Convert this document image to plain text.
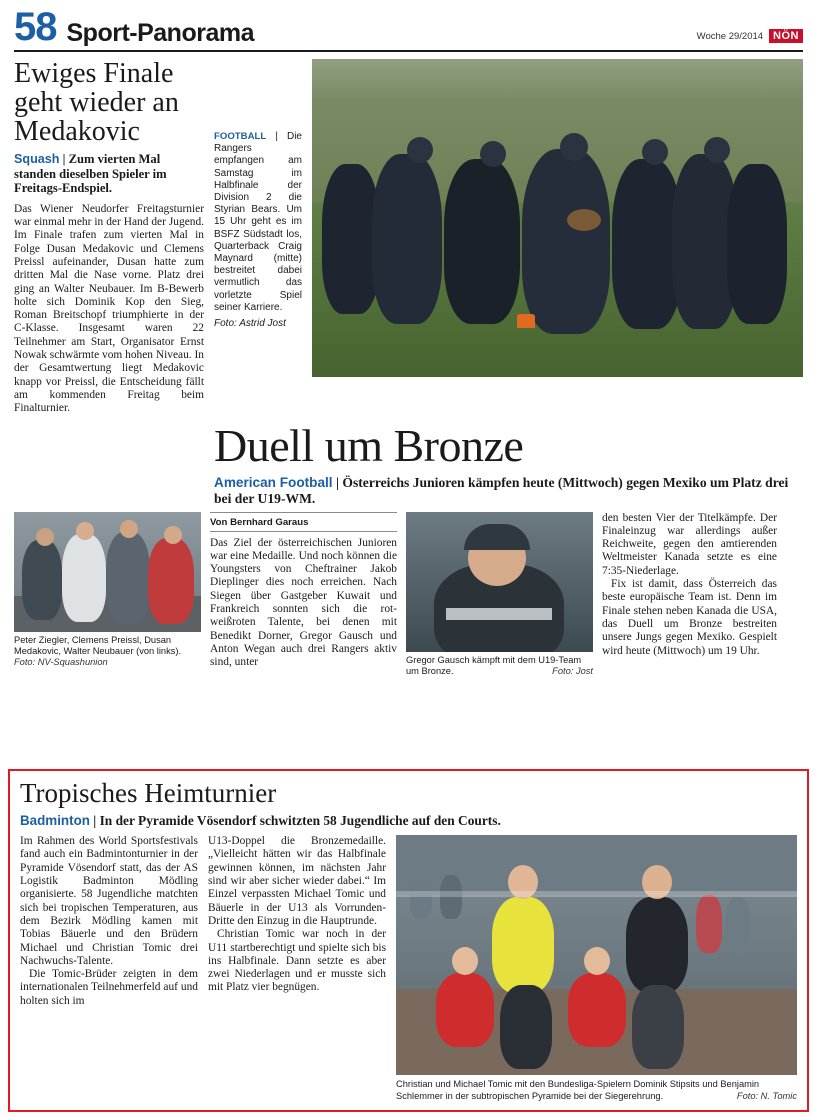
58 Sport-Panorama	Woche 29/2014 NÖN
Ewiges Finale geht wieder an Medakovic

Squash | Zum vierten Mal standen dieselben Spieler im Freitags-Endspiel.

Das Wiener Neudorfer Freitagsturnier war einmal mehr in der Hand der Jugend. Im Finale trafen zum vierten Mal in Folge Dusan Medakovic und Clemens Preissl aufeinander, Dusan hatte zum dritten Mal die Nase vorne. Platz drei ging an Walter Neubauer. Im B-Bewerb holte sich Dominik Kop den Sieg, Roman Breitschopf triumphierte in der C-Klasse. Insgesamt waren 22 Teilnehmer am Start, Organisator Ernst Nowak schwärmte vom hohen Niveau. In der Gesamtwertung liegt Medakovic knapp vor Preissl, die Entscheidung fällt am kommenden Freitag beim Finalturnier.

FOOTBALL | Die Rangers empfangen am Samstag im Halbfinale der Division 2 die Styrian Bears. Um 15 Uhr geht es im BSFZ Südstadt los, Quarterback Craig Maynard (mitte) bestreitet dabei vermutlich das vorletzte Spiel seiner Karriere.
Foto: Astrid Jost
Duell um Bronze

American Football | Österreichs Junioren kämpfen heute (Mittwoch) gegen Mexiko um Platz drei bei der U19-WM.

Peter Ziegler, Clemens Preissl, Dusan Medakovic, Walter Neubauer (von links). Foto: NV-Squashunion
Von Bernhard Garaus

Das Ziel der österreichischen Junioren war eine Medaille. Und noch können die Youngsters von Cheftrainer Jakob Dieplinger dies noch erreichen. Nach Siegen über Gastgeber Kuwait und Frankreich sonnten sich die rot-weißroten Talente, bei denen mit Benedikt Dorner, Gregor Gausch und Anton Wegan auch drei Rangers aktiv sind, unter	Gregor Gausch kämpft mit dem U19-Team um Bronze.	Foto: Jost

den besten Vier der Titelkämpfe. Der Finaleinzug war allerdings außer Reichweite, gegen den amtierenden Weltmeister Kanada setzte es eine 7:35-Niederlage.

Fix ist damit, dass Österreich das beste europäische Team ist. Denn im Finale stehen neben Kanada die USA, das Duell um Bronze bestreiten unsere Jungs gegen Mexiko. Gespielt wird heute (Mittwoch) um 19 Uhr.

Tropisches Heimturnier

Badminton | In der Pyramide Vösendorf schwitzten 58 Jugendliche auf den Courts.

Im Rahmen des World Sportsfestivals fand auch ein Badmintonturnier in der Pyramide Vösendorf statt, das der AS Logistik Badminton Mödling organisierte. 58 Jugendliche matchten sich bei tropischen Temperaturen, aus dem Bezirk Mödling kamen mit Tobias Bäuerle und den Brüdern Michael und Christian Tomic drei Nachwuchs-Talente.

Die Tomic-Brüder zeigten in dem internationalen Teilnehmerfeld auf und holten sich im

U13-Doppel die Bronzemedaille. „Vielleicht hätten wir das Halbfinale gewinnen können, im nächsten Jahr sind wir aber sicher wieder dabei.“ Im Einzel verpassten Michael Tomic und Bäuerle in der U13 als Vorrunden-Dritte den Einzug in die Hauptrunde.

Christian Tomic war noch in der U11 startberechtigt und spielte sich bis ins Halbfinale. Dann setzte es aber zwei Niederlagen und er musste sich mit Platz vier begnügen.

Christian und Michael Tomic mit den Bundesliga-Spielern Dominik Stipsits und Benjamin Schlemmer in der subtropischen Pyramide bei der Siegerehrung.	Foto: N. Tomic
